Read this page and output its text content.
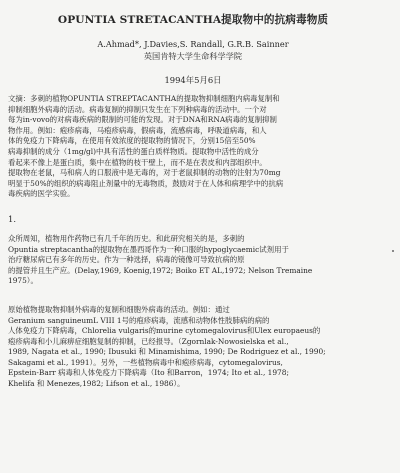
OPUNTIA STRETACANTHA提取物中的抗病毒物质
A.Ahmad*, J.Davies,S. Randall, G.R.B. Sainner
英国肯特大学生命科学学院
1994年5月6日
文摘：多刺的植物OPUNTIA STREPTACANTHA的提取物抑制细胞内病毒复制和
抑制细胞外病毒的活动。病毒复制的抑制只发生在下列种病毒的活动中。一个对
每为in-vovo的对病毒疾病的限制的可能的发现。对于DNA和RNA病毒的复制抑制
物作用。例如：疱疹病毒，马疱疹病毒，假病毒，流感病毒，呼吸道病毒，和人
体的免疫力下降病毒，在使用有效浓度的提取物的情况下，分别15倍至50%
病毒抑制的成分（1mg/gl)中具有活性的蛋白质样物质。提取物中活性的成分
看起来不像上是蛋白质，集中在植物的枝干壁上，而不是在表皮和内部组织中。
提取物在老鼠，马和病人的口服液中是无毒的，对于老鼠抑制的动物的注射为70mg
明显于50%的组织的病毒阻止剂量中的无毒物质，鼓励对于在人体和病理学中的抗病
毒疾病的医学实验。
1.
众所周知，植物用作药物已有几千年的历史。和此研究相关的是，多刺的
Opuntia streptacantha的提取物在墨西哥作为一种口服的hypoglycaemic试剂用于
治疗糖尿病已有多年的历史。作为一种选择，病毒的镜像可导致抗病的原
的提管并且生产应。(Delay,1969, Koenig,1972; Boiko ET AL,1972; Nelson Tremaine
1975）。
原始植物提取物抑制外病毒的复制和细胞外病毒的活动。例如：通过
Geranium sanguineumL VIII 1号的疱疹病毒，流感和动物体性肢肺病的病的
人体免疫力下降病毒，Chlorelia vulgaris的murine cytomegalovirus和Ulex europaeus的
疱疹病毒和小儿麻痹症细胞复制的抑制，已经报导。（Zgornlak-Nowosielska et al.,
1989, Nagata et al., 1990; Ibusuki 和 Minamishima, 1990; De Rodriguez et al., 1990;
Sakagami et al., 1991）。另外，一些植物病毒中和疱疹病毒，cytomegalovirus,
Epstein-Barr 病毒和人体免疫力下降病毒（Ito 和Barron，1974; Ito et al., 1978;
Khelifa 和 Menezes,1982; Lifson et al., 1986）。
